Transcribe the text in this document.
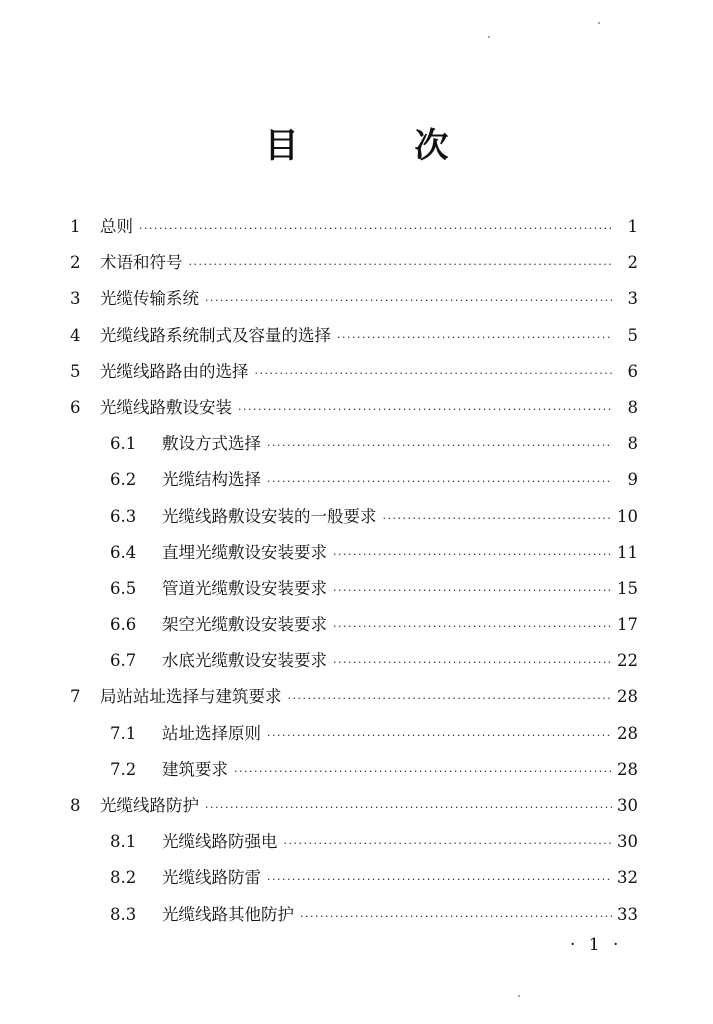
目 次
1	总则 ·····	1
2	术语和符号 ·····	2
3	光缆传输系统 ·····	3
4	光缆线路系统制式及容量的选择 ·····	5
5	光缆线路路由的选择 ·····	6
6	光缆线路敷设安装 ·····	8
6.1	敷设方式选择 ·····	8
6.2	光缆结构选择 ·····	9
6.3	光缆线路敷设安装的一般要求 ·····	10
6.4	直埋光缆敷设安装要求 ·····	11
6.5	管道光缆敷设安装要求 ·····	15
6.6	架空光缆敷设安装要求 ·····	17
6.7	水底光缆敷设安装要求 ·····	22
7	局站站址选择与建筑要求 ·····	28
7.1	站址选择原则 ·····	28
7.2	建筑要求 ·····	28
8	光缆线路防护 ·····	30
8.1	光缆线路防强电 ·····	30
8.2	光缆线路防雷 ·····	32
8.3	光缆线路其他防护 ·····	33
· 1 ·
